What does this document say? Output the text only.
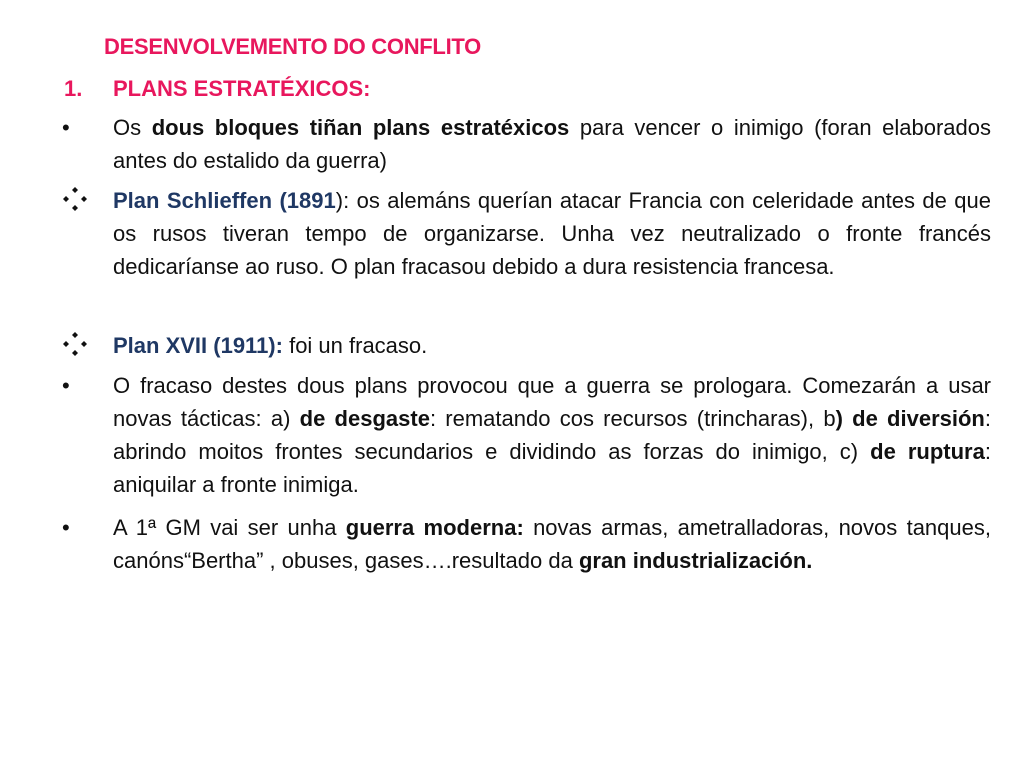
DESENVOLVEMENTO DO CONFLITO
1. PLANS ESTRATÉXICOS:
• Os dous bloques tiñan plans estratéxicos para vencer o inimigo (foran elaborados antes do estalido da guerra)
Plan Schlieffen (1891): os alemáns querían atacar Francia con celeridade antes de que os rusos tiveran tempo de organizarse. Unha vez neutralizado o fronte francés dedicaríanse ao ruso. O plan fracasou debido a dura resistencia francesa.
Plan XVII (1911): foi un fracaso.
• O fracaso destes dous plans provocou que a guerra se prologara. Comezarán a usar novas tácticas: a) de desgaste: rematando cos recursos (trincharas), b) de diversión: abrindo moitos frontes secundarios e dividindo as forzas do inimigo, c) de ruptura: aniquilar a fronte inimiga.
• A 1ª GM vai ser unha guerra moderna: novas armas, ametralladoras, novos tanques, canóns“Bertha” , obuses, gases….resultado da gran industrialización.
